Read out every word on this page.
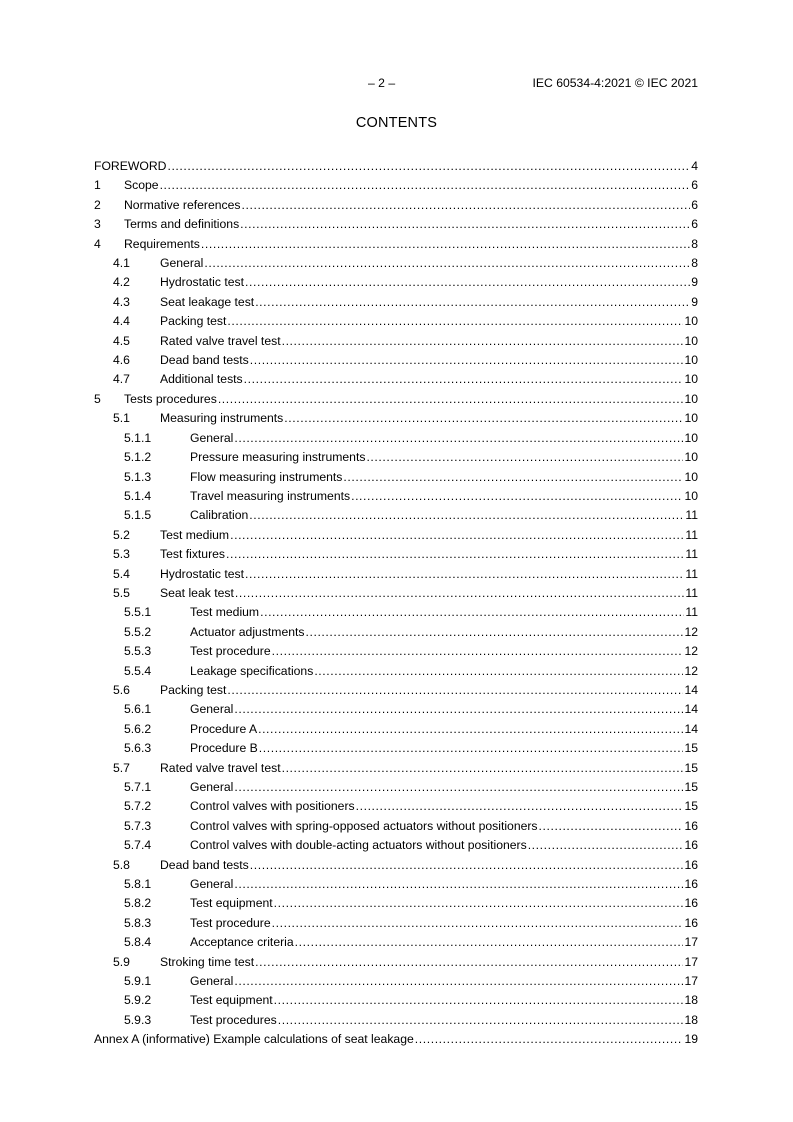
– 2 –	IEC 60534-4:2021 © IEC 2021
CONTENTS
FOREWORD .....	4
1 Scope .....	6
2 Normative references .....	6
3 Terms and definitions .....	6
4 Requirements .....	8
4.1 General .....	8
4.2 Hydrostatic test .....	9
4.3 Seat leakage test .....	9
4.4 Packing test .....	10
4.5 Rated valve travel test .....	10
4.6 Dead band tests .....	10
4.7 Additional tests .....	10
5 Tests procedures .....	10
5.1 Measuring instruments .....	10
5.1.1	General .....	10
5.1.2	Pressure measuring instruments .....	10
5.1.3	Flow measuring instruments .....	10
5.1.4	Travel measuring instruments .....	10
5.1.5	Calibration .....	11
5.2 Test medium .....	11
5.3 Test fixtures .....	11
5.4 Hydrostatic test .....	11
5.5 Seat leak test .....	11
5.5.1	Test medium .....	11
5.5.2	Actuator adjustments .....	12
5.5.3	Test procedure .....	12
5.5.4	Leakage specifications .....	12
5.6 Packing test .....	14
5.6.1	General .....	14
5.6.2	Procedure A .....	14
5.6.3	Procedure B .....	15
5.7 Rated valve travel test .....	15
5.7.1	General .....	15
5.7.2	Control valves with positioners .....	15
5.7.3	Control valves with spring-opposed actuators without positioners .....	16
5.7.4	Control valves with double-acting actuators without positioners .....	16
5.8 Dead band tests .....	16
5.8.1	General .....	16
5.8.2	Test equipment .....	16
5.8.3	Test procedure .....	16
5.8.4	Acceptance criteria .....	17
5.9 Stroking time test .....	17
5.9.1	General .....	17
5.9.2	Test equipment .....	18
5.9.3	Test procedures .....	18
Annex A (informative) Example calculations of seat leakage .....	19
